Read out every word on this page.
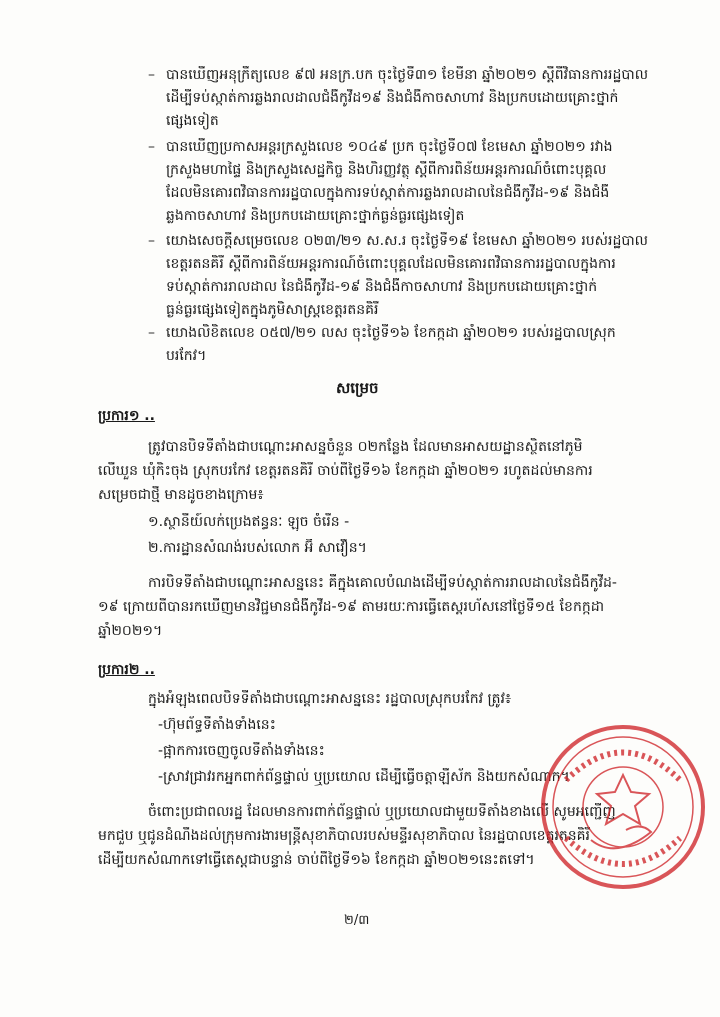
– បានឃើញអនុក្រឹត្យលេខ ៩៧ អនក្រ.បក ចុះថ្ងៃទី៣១ ខែមីនា ឆ្នាំ២០២១ ស្តីពីវិធានការរដ្ឋបាល
ដើម្បីទប់ស្កាត់ការឆ្លងរាលដាលជំងឺកូវីដ១៩ និងជំងឺកាចសាហាវ និងប្រកបដោយគ្រោះថ្នាក់
ផ្សេងទៀត
– បានឃើញប្រកាសអន្តរក្រសួងលេខ ១០៤៩ ប្រក ចុះថ្ងៃទី០៧ ខែមេសា ឆ្នាំ២០២១ រវាង
ក្រសួងមហាផ្ទៃ និងក្រសួងសេដ្ឋកិច្ច និងហិរញ្ញវត្ថុ ស្តីពីការពិន័យអន្តរការណ៍ចំពោះបុគ្គល
ដែលមិនគោរពវិធានការរដ្ឋបាលក្នុងការទប់ស្កាត់ការឆ្លងរាលដាលនៃជំងឺកូវីដ-១៩ និងជំងឺ
ឆ្លងកាចសាហាវ និងប្រកបដោយគ្រោះថ្នាក់ធ្ងន់ធ្ងរផ្សេងទៀត
– យោងសេចក្តីសម្រេចលេខ ០២៣/២១ ស.ស.រ ចុះថ្ងៃទី១៩ ខែមេសា ឆ្នាំ២០២១ របស់រដ្ឋបាល
ខេត្តរតនគិរី ស្តីពីការពិន័យអន្តរការណ៍ចំពោះបុគ្គលដែលមិនគោរពវិធានការរដ្ឋបាលក្នុងការ
ទប់ស្កាត់ការរាលដាល នៃជំងឺកូវីដ-១៩ និងជំងឺកាចសាហាវ និងប្រកបដោយគ្រោះថ្នាក់
ធ្ងន់ធ្ងរផ្សេងទៀតក្នុងភូមិសាស្ត្រខេត្តរតនគិរី
– យោងលិខិតលេខ ០៥៧/២១ លស ចុះថ្ងៃទី១៦ ខែកក្កដា ឆ្នាំ២០២១ របស់រដ្ឋបាលស្រុក
បរកែវ។
សម្រេច
ប្រការ១ ..
ត្រូវបានបិទទីតាំងជាបណ្តោះអាសន្នចំនួន ០២កន្លែង ដែលមានអាសយដ្ឋានស្ថិតនៅភូមិ
លើឃួន ឃុំកិះចុង ស្រុកបរកែវ ខេត្តរតនគិរី ចាប់ពីថ្ងៃទី១៦ ខែកក្កដា ឆ្នាំ២០២១ រហូតដល់មានការ
សម្រេចជាថ្មី មានដូចខាងក្រោម៖
១.ស្ថានីយ៍លក់ប្រេងឥន្ធនៈ ឡុច ចំរើន -
២.ការដ្ឋានសំណង់របស់លោក អ៊ី សាវឿន។
ការបិទទីតាំងជាបណ្តោះអាសន្ននេះ គឺក្នុងគោលបំណងដើម្បីទប់ស្កាត់ការរាលដាលនៃជំងឺកូវីដ-
១៩ ក្រោយពីបានរកឃើញមានវិជ្ជមានជំងឺកូវីដ-១៩ តាមរយៈការធ្វើតេស្តរហ័សនៅថ្ងៃទី១៥ ខែកក្កដា
ឆ្នាំ២០២១។
ប្រការ២ ..
ក្នុងអំឡុងពេលបិទទីតាំងជាបណ្តោះអាសន្ននេះ រដ្ឋបាលស្រុកបរកែវ ត្រូវ៖
-ហ៊ុមព័ទ្ធទីតាំងទាំងនេះ
-ផ្អាកការចេញចូលទីតាំងទាំងនេះ
-ស្រាវជ្រាវរកអ្នកពាក់ព័ន្ធផ្ទាល់ ឬប្រយោល ដើម្បីធ្វើចត្តាឡីស័ក និងយកសំណាក។
ចំពោះប្រជាពលរដ្ឋ ដែលមានការពាក់ព័ន្ធផ្ទាល់ ឬប្រយោលជាមួយទីតាំងខាងលើ សូមអញ្ជើញ
មកជួប ឬជូនដំណឹងដល់ក្រុមការងារមន្ត្រីសុខាភិបាលរបស់មន្ទីរសុខាភិបាល នៃរដ្ឋបាលខេត្តរតនគិរី
ដើម្បីយកសំណាកទៅធ្វើតេស្តជាបន្ទាន់ ចាប់ពីថ្ងៃទី១៦ ខែកក្កដា ឆ្នាំ២០២១នេះតទៅ។
២/៣
